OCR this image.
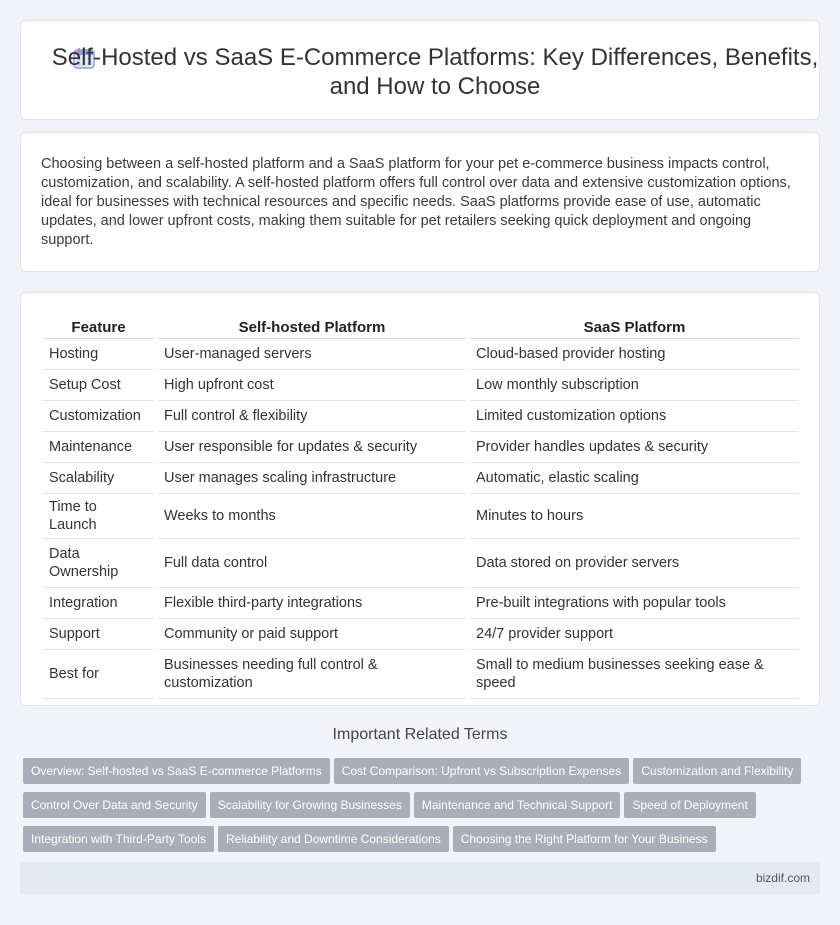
Self-Hosted vs SaaS E-Commerce Platforms: Key Differences, Benefits, and How to Choose

Choosing between a self-hosted platform and a SaaS platform for your pet e-commerce business impacts control, customization, and scalability. A self-hosted platform offers full control over data and extensive customization options, ideal for businesses with technical resources and specific needs. SaaS platforms provide ease of use, automatic updates, and lower upfront costs, making them suitable for pet retailers seeking quick deployment and ongoing support.

Feature	Self-hosted Platform	SaaS Platform
Hosting	User-managed servers	Cloud-based provider hosting
Setup Cost	High upfront cost	Low monthly subscription
Customization	Full control & flexibility	Limited customization options
Maintenance	User responsible for updates & security	Provider handles updates & security
Scalability	User manages scaling infrastructure	Automatic, elastic scaling
Time to Launch	Weeks to months	Minutes to hours
Data Ownership	Full data control	Data stored on provider servers
Integration	Flexible third-party integrations	Pre-built integrations with popular tools
Support	Community or paid support	24/7 provider support
Best for	Businesses needing full control & customization	Small to medium businesses seeking ease & speed
Important Related Terms
Overview: Self-hosted vs SaaS E-commerce Platforms Cost Comparison: Upfront vs Subscription Expenses Customization and Flexibility
Control Over Data and Security Scalability for Growing Businesses Maintenance and Technical Support Speed of Deployment
Integration with Third-Party Tools Reliability and Downtime Considerations Choosing the Right Platform for Your Business
bizdif.com
